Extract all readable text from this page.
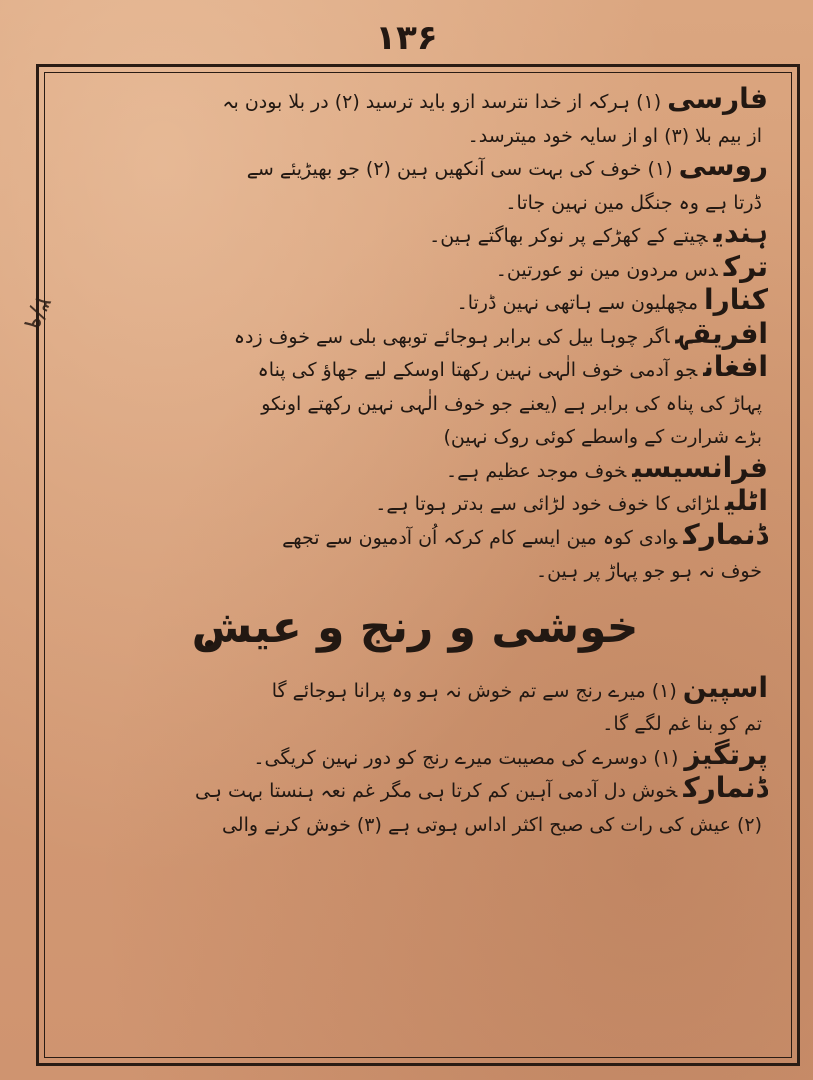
۱۳۶
۳/۹
فارسی(۱) ہرکہ از خدا نترسد ازو باید ترسید (۲) در بلا بودن بہ
از بیم بلا (۳) او از سایہ خود میترسد۔
روسی(۱) خوف کی بہت سی آنکھیں ہین (۲) جو بھیڑیئے سے
ڈرتا ہے وہ جنگل مین نہین جاتا۔
ہندیچیتے کے کھڑکے پر نوکر بھاگتے ہین۔
ترکدس مردون مین نو عورتین۔
کنارامچھلیون سے ہاتھی نہین ڈرتا۔
افریقہاگر چوہا بیل کی برابر ہوجائے توبھی بلی سے خوف زدہ
افغانجو آدمی خوف الٰہی نہین رکھتا اوسکے لیے جھاؤ کی پناہ
پہاڑ کی پناہ کی برابر ہے (یعنے جو خوف الٰہی نہین رکھتے اونکو
بڑے شرارت کے واسطے کوئی روک نہین)
فرانسیسیخوف موجد عظیم ہے۔
اٹلیلڑائی کا خوف خود لڑائی سے بدتر ہوتا ہے۔
ڈنمارکوادی کوہ مین ایسے کام کرکہ اُن آدمیون سے تجھے
خوف نہ ہو جو پہاڑ پر ہین۔
خوشی و رنج و عیش
اسپین(۱) میرے رنج سے تم خوش نہ ہو وہ پرانا ہوجائے گا
تم کو بنا غم لگے گا۔
پرتگیز(۱) دوسرے کی مصیبت میرے رنج کو دور نہین کریگی۔
ڈنمارکخوش دل آدمی آہین کم کرتا ہی مگر غم نعہ ہنستا بہت ہی
(۲) عیش کی رات کی صبح اکثر اداس ہوتی ہے (۳) خوش کرنے والی
